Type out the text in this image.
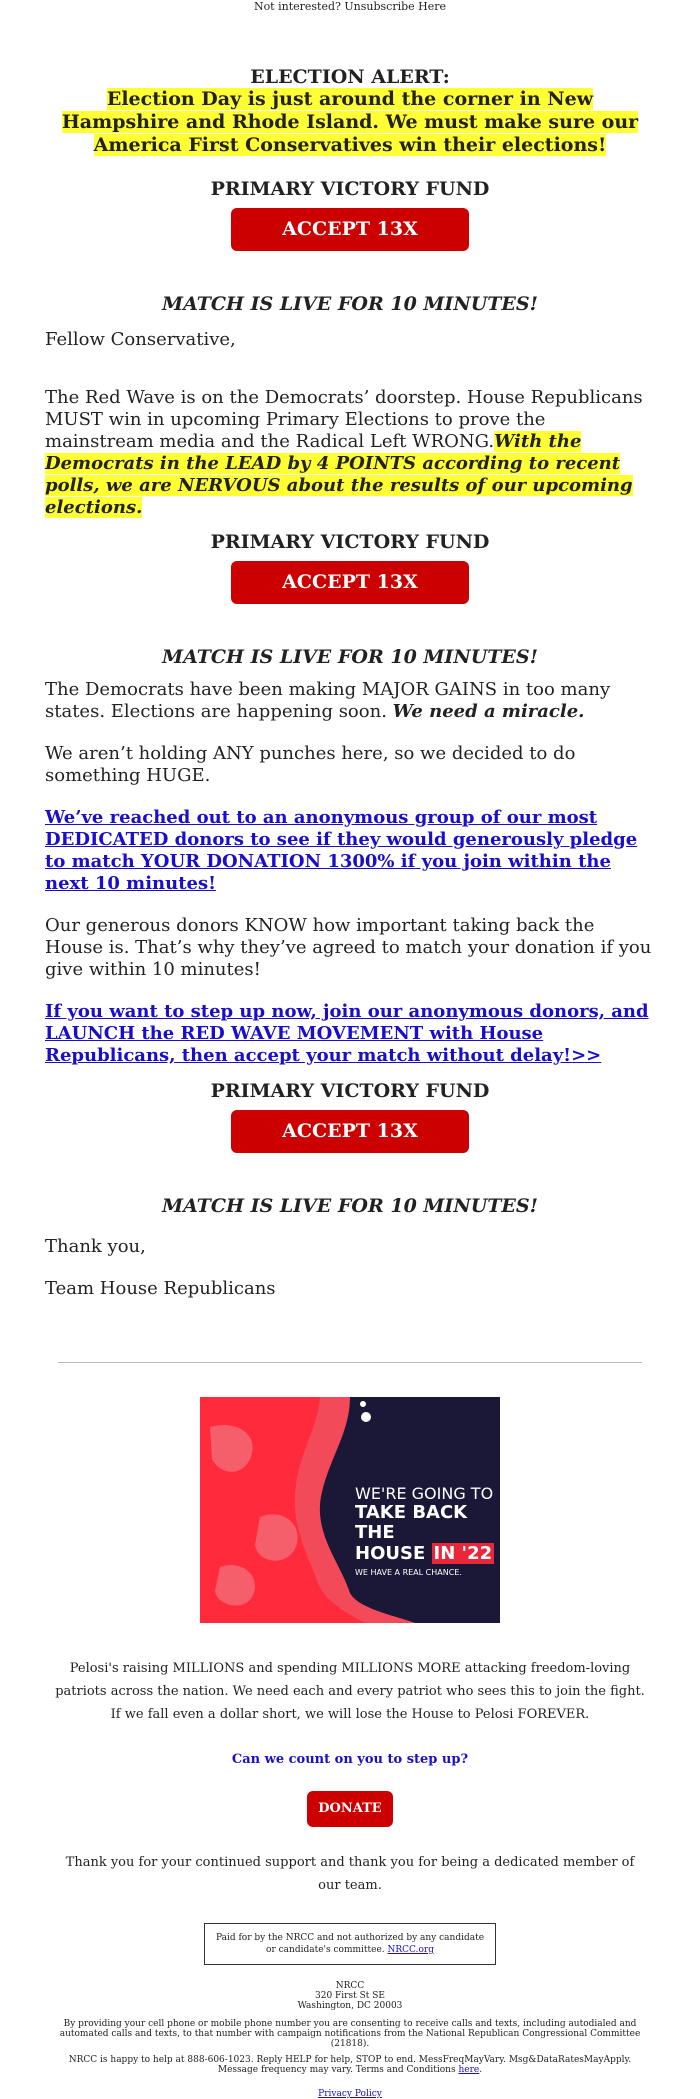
Not interested? Unsubscribe Here
ELECTION ALERT:
Election Day is just around the corner in New Hampshire and Rhode Island. We must make sure our America First Conservatives win their elections!
PRIMARY VICTORY FUND
ACCEPT 13X MATCH
MATCH IS LIVE FOR 10 MINUTES!
Fellow Conservative,
The Red Wave is on the Democrats’ doorstep. House Republicans MUST win in upcoming Primary Elections to prove the mainstream media and the Radical Left WRONG.With the Democrats in the LEAD by 4 POINTS according to recent polls, we are NERVOUS about the results of our upcoming elections.
PRIMARY VICTORY FUND
ACCEPT 13X MATCH
MATCH IS LIVE FOR 10 MINUTES!
The Democrats have been making MAJOR GAINS in too many states. Elections are happening soon. We need a miracle.
We aren’t holding ANY punches here, so we decided to do something HUGE.
We’ve reached out to an anonymous group of our most DEDICATED donors to see if they would generously pledge to match YOUR DONATION 1300% if you join within the next 10 minutes!
Our generous donors KNOW how important taking back the House is. That’s why they’ve agreed to match your donation if you give within 10 minutes!
If you want to step up now, join our anonymous donors, and LAUNCH the RED WAVE MOVEMENT with House Republicans, then accept your match without delay!>>
PRIMARY VICTORY FUND
ACCEPT 13X MATCH
MATCH IS LIVE FOR 10 MINUTES!
Thank you,
Team House Republicans
WE'RE GOING TO
TAKE BACK THE
HOUSE IN '22
WE HAVE A REAL CHANCE.
Pelosi's raising MILLIONS and spending MILLIONS MORE attacking freedom-loving patriots across the nation. We need each and every patriot who sees this to join the fight. If we fall even a dollar short, we will lose the House to Pelosi FOREVER.
Can we count on you to step up?
DONATE
Thank you for your continued support and thank you for being a dedicated member of our team.
Paid for by the NRCC and not authorized by any candidate or candidate's committee. NRCC.org
NRCC
320 First St SE
Washington, DC 20003
By providing your cell phone or mobile phone number you are consenting to receive calls and texts, including autodialed and automated calls and texts, to that number with campaign notifications from the National Republican Congressional Committee (21818).
NRCC is happy to help at 888-606-1023. Reply HELP for help, STOP to end. MessFreqMayVary. Msg&DataRatesMayApply. Message frequency may vary. Terms and Conditions here.
Privacy Policy
